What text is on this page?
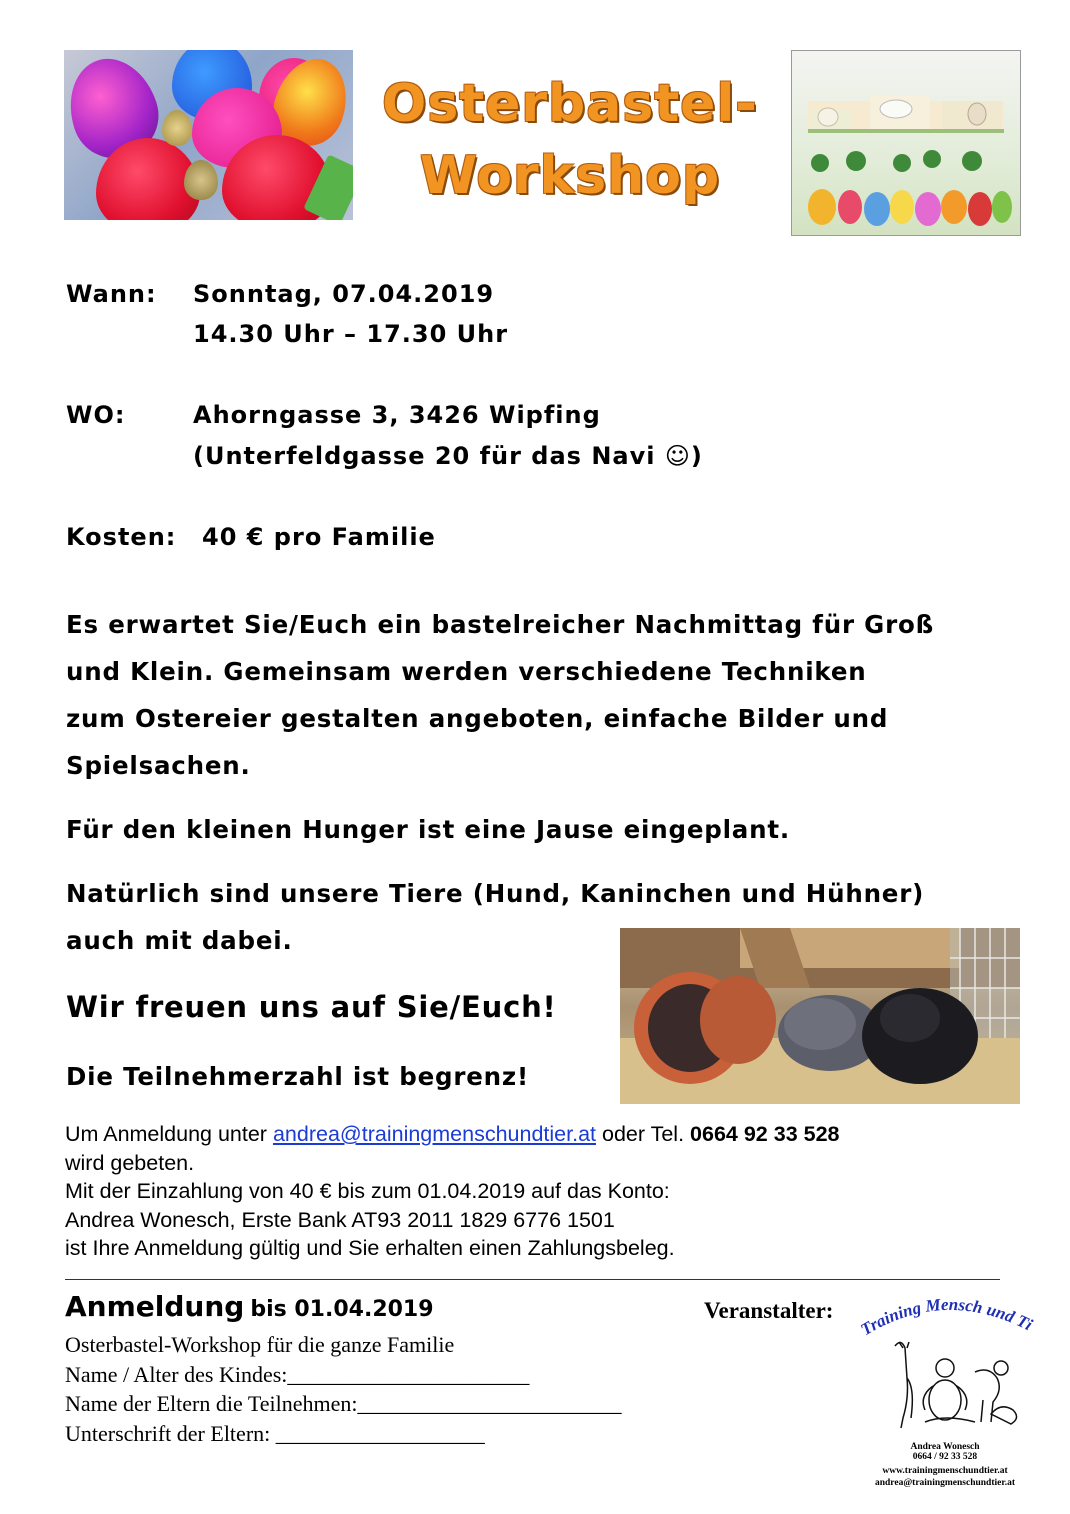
Osterbastel-
Workshop
Wann: Sonntag, 07.04.2019
14.30 Uhr – 17.30 Uhr
WO:	Ahorngasse 3, 3426 Wipfing
(Unterfeldgasse 20 für das Navi ☺)
Kosten: 40 € pro Familie
Es erwartet Sie/Euch ein bastelreicher Nachmittag für Groß
und Klein. Gemeinsam werden verschiedene Techniken
zum Ostereier gestalten angeboten, einfache Bilder und
Spielsachen.
Für den kleinen Hunger ist eine Jause eingeplant.
Natürlich sind unsere Tiere (Hund, Kaninchen und Hühner)
auch mit dabei.
Wir freuen uns auf Sie/Euch!
Die Teilnehmerzahl ist begrenz!
Um Anmeldung unter andrea@trainingmenschundtier.at oder Tel. 0664 92 33 528
wird gebeten.
Mit der Einzahlung von 40 € bis zum 01.04.2019 auf das Konto:
Andrea Wonesch, Erste Bank AT93 2011 1829 6776 1501
ist Ihre Anmeldung gültig und Sie erhalten einen Zahlungsbeleg.
Anmeldung bis 01.04.2019
Osterbastel-Workshop für die ganze Familie
Name / Alter des Kindes:______________________
Name der Eltern die Teilnehmen:________________________
Unterschrift der Eltern: ___________________
Veranstalter:
Training Mensch und Ti
Andrea Wonesch
0664 / 92 33 528
www.trainingmenschundtier.at
andrea@trainingmenschundtier.at
